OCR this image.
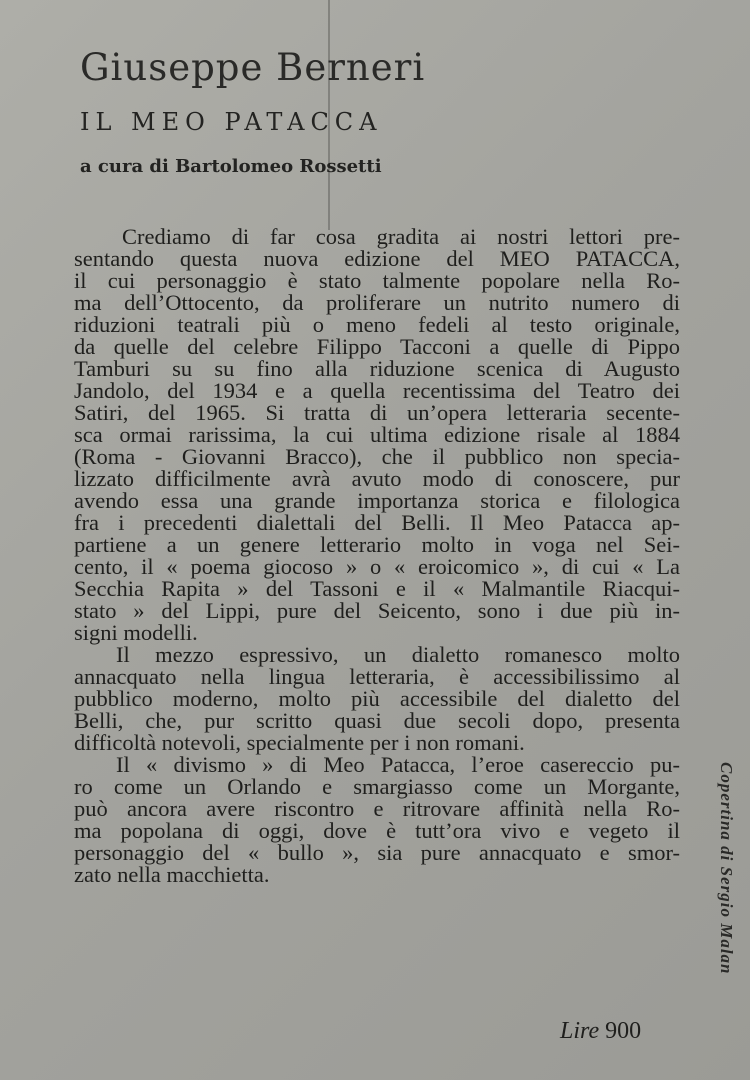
Giuseppe Berneri
IL MEO PATACCA
a cura di Bartolomeo Rossetti
Crediamo di far cosa gradita ai nostri lettori pre-
sentando questa nuova edizione del MEO PATACCA,
il cui personaggio è stato talmente popolare nella Ro-
ma dell’Ottocento, da proliferare un nutrito numero di
riduzioni teatrali più o meno fedeli al testo originale,
da quelle del celebre Filippo Tacconi a quelle di Pippo
Tamburi su su fino alla riduzione scenica di Augusto
Jandolo, del 1934 e a quella recentissima del Teatro dei
Satiri, del 1965. Si tratta di un’opera letteraria secente-
sca ormai rarissima, la cui ultima edizione risale al 1884
(Roma - Giovanni Bracco), che il pubblico non specia-
lizzato difficilmente avrà avuto modo di conoscere, pur
avendo essa una grande importanza storica e filologica
fra i precedenti dialettali del Belli. Il Meo Patacca ap-
partiene a un genere letterario molto in voga nel Sei-
cento, il « poema giocoso » o « eroicomico », di cui « La
Secchia Rapita » del Tassoni e il « Malmantile Riacqui-
stato » del Lippi, pure del Seicento, sono i due più in-
signi modelli.
Il mezzo espressivo, un dialetto romanesco molto
annacquato nella lingua letteraria, è accessibilissimo al
pubblico moderno, molto più accessibile del dialetto del
Belli, che, pur scritto quasi due secoli dopo, presenta
difficoltà notevoli, specialmente per i non romani.
Il « divismo » di Meo Patacca, l’eroe casereccio pu-
ro come un Orlando e smargiasso come un Morgante,
può ancora avere riscontro e ritrovare affinità nella Ro-
ma popolana di oggi, dove è tutt’ora vivo e vegeto il
personaggio del « bullo », sia pure annacquato e smor-
zato nella macchietta.	Copertina di Sergio Malan
Lire 900
